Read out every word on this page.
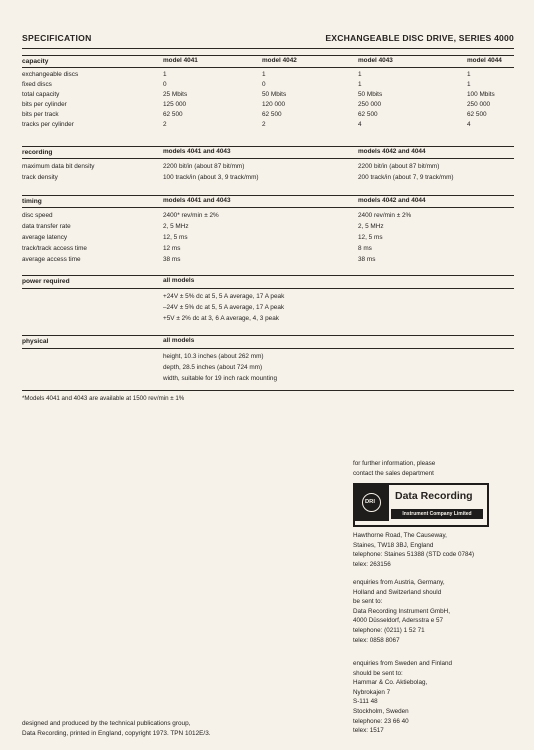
SPECIFICATION	EXCHANGEABLE DISC DRIVE, SERIES 4000
capacity	model 4041	model 4042	model 4043	model 4044
exchangeable discs	1	1	1	1
fixed discs	0	0	1	1
total capacity	25 Mbits	50 Mbits	50 Mbits	100 Mbits
bits per cylinder	125 000	120 000	250 000	250 000
bits per track	62 500	62 500	62 500	62 500
tracks per cylinder	2	2	4	4
recording	models 4041 and 4043	models 4042 and 4044
maximum data bit density	2200 bit/in (about 87 bit/mm)	2200 bit/in (about 87 bit/mm)
track density	100 track/in (about 3, 9 track/mm)	200 track/in (about 7, 9 track/mm)
timing	models 4041 and 4043	models 4042 and 4044
disc speed	2400* rev/min ± 2%	2400 rev/min ± 2%
data transfer rate	2, 5 MHz	2, 5 MHz
average latency	12, 5 ms	12, 5 ms
track/track access time	12 ms	8 ms
average access time	38 ms	38 ms
power required	all models
+24V ± 5% dc at 5, 5 A average, 17 A peak
–24V ± 5% dc at 5, 5 A average, 17 A peak
+5V ± 2% dc at 3, 6 A average, 4, 3 peak
physical	all models
height, 10.3 inches (about 262 mm)
depth, 28.5 inches (about 724 mm)
width, suitable for 19 inch rack mounting
*Models 4041 and 4043 are available at 1500 rev/min ± 1%
for further information, please
contact the sales department
DRI Data Recording
Instrument Company Limited
Hawthorne Road, The Causeway,
Staines, TW18 3BJ, England
telephone: Staines 51388 (STD code 0784)
telex: 263156
enquiries from Austria, Germany,
Holland and Switzerland should
be sent to:
Data Recording Instrument GmbH,
4000 Düsseldorf, Adersstra e 57
telephone: (0211) 1 52 71
telex: 0858 8067
enquiries from Sweden and Finland
should be sent to:
Hammar & Co. Aktiebolag,
Nybrokajen 7
S-111 48
Stockholm, Sweden
telephone: 23 66 40
telex: 1517
designed and produced by the technical publications group,
Data Recording, printed in England, copyright 1973. TPN 1012E/3.
